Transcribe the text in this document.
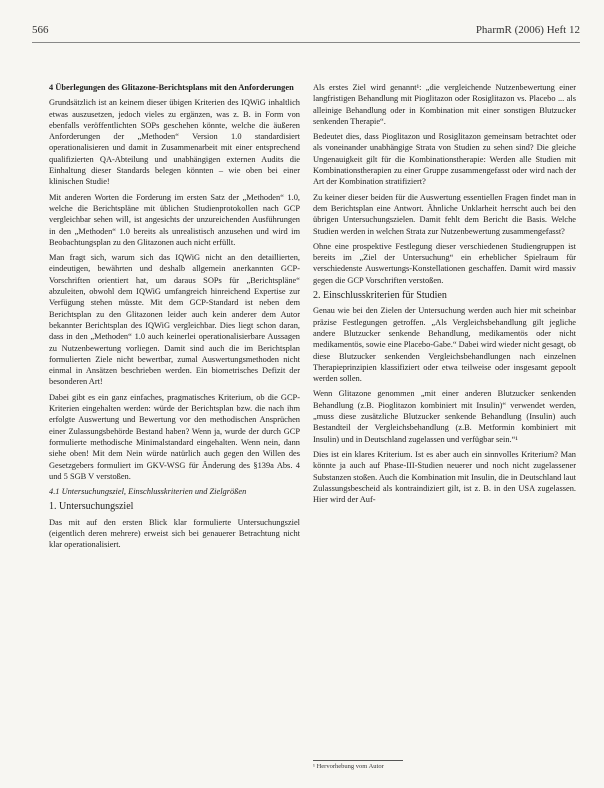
566	PharmR (2006) Heft 12

4 Überlegungen des Glitazone-Berichtsplans mit den Anforderungen

Grundsätzlich ist an keinem dieser übigen Kriterien des IQWiG inhaltlich etwas auszusetzen, jedoch vieles zu ergänzen, was z. B. in Form von ebenfalls veröffentlichten SOPs geschehen könnte, welche die äußeren Anforderungen der „Methoden“ Version 1.0 standardisiert operationalisieren und damit in Zusammenarbeit mit einer entsprechend qualifizierten QA-Abteilung und unabhängigen externen Audits die Einhaltung dieser Standards belegen könnten – wie oben bei einer klinischen Studie!

Mit anderen Worten die Forderung im ersten Satz der „Methoden“ 1.0, welche die Berichtspläne mit üblichen Studienprotokollen nach GCP vergleichbar sehen will, ist angesichts der unzureichenden Ausführungen in den „Methoden“ 1.0 bereits als unrealistisch anzusehen und wird im Beobachtungsplan zu den Glitazonen auch nicht erfüllt.

Man fragt sich, warum sich das IQWiG nicht an den detaillierten, eindeutigen, bewährten und deshalb allgemein anerkannten GCP-Vorschriften orientiert hat, um daraus SOPs für „Berichtspläne“ abzuleiten, obwohl dem IQWiG umfangreich hinreichend Expertise zur Verfügung stehen müsste. Mit dem GCP-Standard ist neben dem Berichtsplan zu den Glitazonen leider auch kein anderer dem Autor bekannter Berichtsplan des IQWiG vergleichbar. Dies liegt schon daran, dass in den „Methoden“ 1.0 auch keinerlei operationalisierbare Aussagen zu Nutzenbewertung vorliegen. Damit sind auch die im Berichtsplan formulierten Ziele nicht bewertbar, zumal Auswertungsmethoden nicht einmal in Ansätzen beschrieben werden. Ein biometrisches Defizit der besonderen Art!

Dabei gibt es ein ganz einfaches, pragmatisches Kriterium, ob die GCP-Kriterien eingehalten werden: würde der Berichtsplan bzw. die nach ihm erfolgte Auswertung und Bewertung vor den methodischen Ansprüchen einer Zulassungsbehörde Bestand haben? Wenn ja, wurde der durch GCP formulierte methodische Minimalstandard eingehalten. Wenn nein, dann siehe oben! Mit dem Nein würde natürlich auch gegen den Willen des Gesetzgebers formuliert im GKV-WSG für Änderung des §139a Abs. 4 und 5 SGB V verstoßen.

4.1 Untersuchungsziel, Einschlusskriterien und Zielgrößen

1. Untersuchungsziel

Das mit auf den ersten Blick klar formulierte Untersuchungsziel (eigentlich deren mehrere) erweist sich bei genauerer Betrachtung nicht klar operationalisiert.

Als erstes Ziel wird genannt¹: „die vergleichende Nutzenbewertung einer langfristigen Behandlung mit Pioglitazon oder Rosiglitazon vs. Placebo ... als alleinige Behandlung oder in Kombination mit einer sonstigen Blutzucker senkenden Therapie“.

Bedeutet dies, dass Pioglitazon und Rosiglitazon gemeinsam betrachtet oder als voneinander unabhängige Strata von Studien zu sehen sind? Die gleiche Ungenauigkeit gilt für die Kombinationstherapie: Werden alle Studien mit Kombinationstherapien zu einer Gruppe zusammengefasst oder wird nach der Art der Kombination stratifiziert?

Zu keiner dieser beiden für die Auswertung essentiellen Fragen findet man in dem Berichtsplan eine Antwort. Ähnliche Unklarheit herrscht auch bei den übrigen Untersuchungszielen. Damit fehlt dem Bericht die Basis. Welche Studien werden in welchen Strata zur Nutzenbewertung zusammengefasst?

Ohne eine prospektive Festlegung dieser verschiedenen Studiengruppen ist bereits im „Ziel der Untersuchung“ ein erheblicher Spielraum für verschiedenste Auswertungs-Konstellationen geschaffen. Damit wird massiv gegen die GCP Vorschriften verstoßen.

2. Einschlusskriterien für Studien

Genau wie bei den Zielen der Untersuchung werden auch hier mit scheinbar präzise Festlegungen getroffen. „Als Vergleichsbehandlung gilt jegliche andere Blutzucker senkende Behandlung, medikamentös oder nicht medikamentös, sowie eine Placebo-Gabe.“ Dabei wird wieder nicht gesagt, ob diese Blutzucker senkenden Vergleichsbehandlungen nach einzelnen Therapieprinzipien klassifiziert oder etwa teilweise oder insgesamt gepoolt werden sollen.

Wenn Glitazone genommen „mit einer anderen Blutzucker senkenden Behandlung (z.B. Pioglitazon kombiniert mit Insulin)“ verwendet werden, „muss diese zusätzliche Blutzucker senkende Behandlung (Insulin) auch Bestandteil der Vergleichsbehandlung (z.B. Metformin kombiniert mit Insulin) und in Deutschland zugelassen und verfügbar sein.“¹

Dies ist ein klares Kriterium. Ist es aber auch ein sinnvolles Kriterium? Man könnte ja auch auf Phase-III-Studien neuerer und noch nicht zugelassener Substanzen stoßen. Auch die Kombination mit Insulin, die in Deutschland laut Zulassungsbescheid als kontraindiziert gilt, ist z. B. in den USA zugelassen. Hier wird der Auf-

¹ Hervorhebung vom Autor
